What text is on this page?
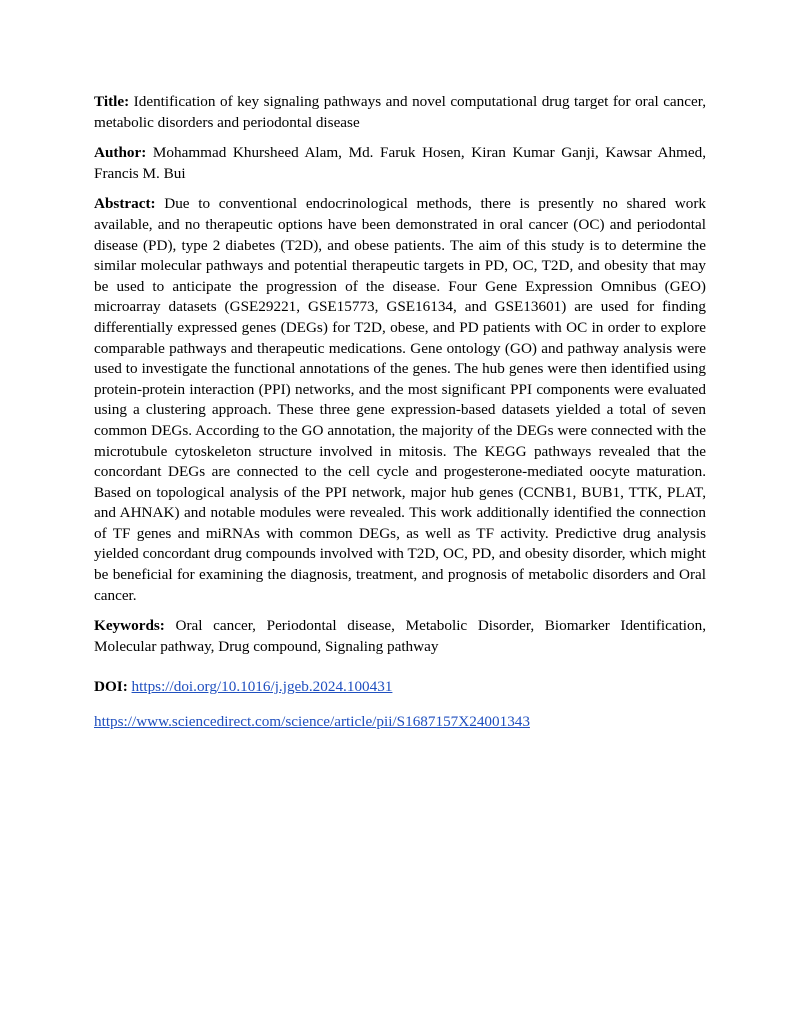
Title: Identification of key signaling pathways and novel computational drug target for oral cancer, metabolic disorders and periodontal disease

Author: Mohammad Khursheed Alam, Md. Faruk Hosen, Kiran Kumar Ganji, Kawsar Ahmed, Francis M. Bui

Abstract: Due to conventional endocrinological methods, there is presently no shared work available, and no therapeutic options have been demonstrated in oral cancer (OC) and periodontal disease (PD), type 2 diabetes (T2D), and obese patients. The aim of this study is to determine the similar molecular pathways and potential therapeutic targets in PD, OC, T2D, and obesity that may be used to anticipate the progression of the disease. Four Gene Expression Omnibus (GEO) microarray datasets (GSE29221, GSE15773, GSE16134, and GSE13601) are used for finding differentially expressed genes (DEGs) for T2D, obese, and PD patients with OC in order to explore comparable pathways and therapeutic medications. Gene ontology (GO) and pathway analysis were used to investigate the functional annotations of the genes. The hub genes were then identified using protein-protein interaction (PPI) networks, and the most significant PPI components were evaluated using a clustering approach. These three gene expression-based datasets yielded a total of seven common DEGs. According to the GO annotation, the majority of the DEGs were connected with the microtubule cytoskeleton structure involved in mitosis. The KEGG pathways revealed that the concordant DEGs are connected to the cell cycle and progesterone-mediated oocyte maturation. Based on topological analysis of the PPI network, major hub genes (CCNB1, BUB1, TTK, PLAT, and AHNAK) and notable modules were revealed. This work additionally identified the connection of TF genes and miRNAs with common DEGs, as well as TF activity. Predictive drug analysis yielded concordant drug compounds involved with T2D, OC, PD, and obesity disorder, which might be beneficial for examining the diagnosis, treatment, and prognosis of metabolic disorders and Oral cancer.

Keywords: Oral cancer, Periodontal disease, Metabolic Disorder, Biomarker Identification, Molecular pathway, Drug compound, Signaling pathway

DOI: https://doi.org/10.1016/j.jgeb.2024.100431

https://www.sciencedirect.com/science/article/pii/S1687157X24001343
